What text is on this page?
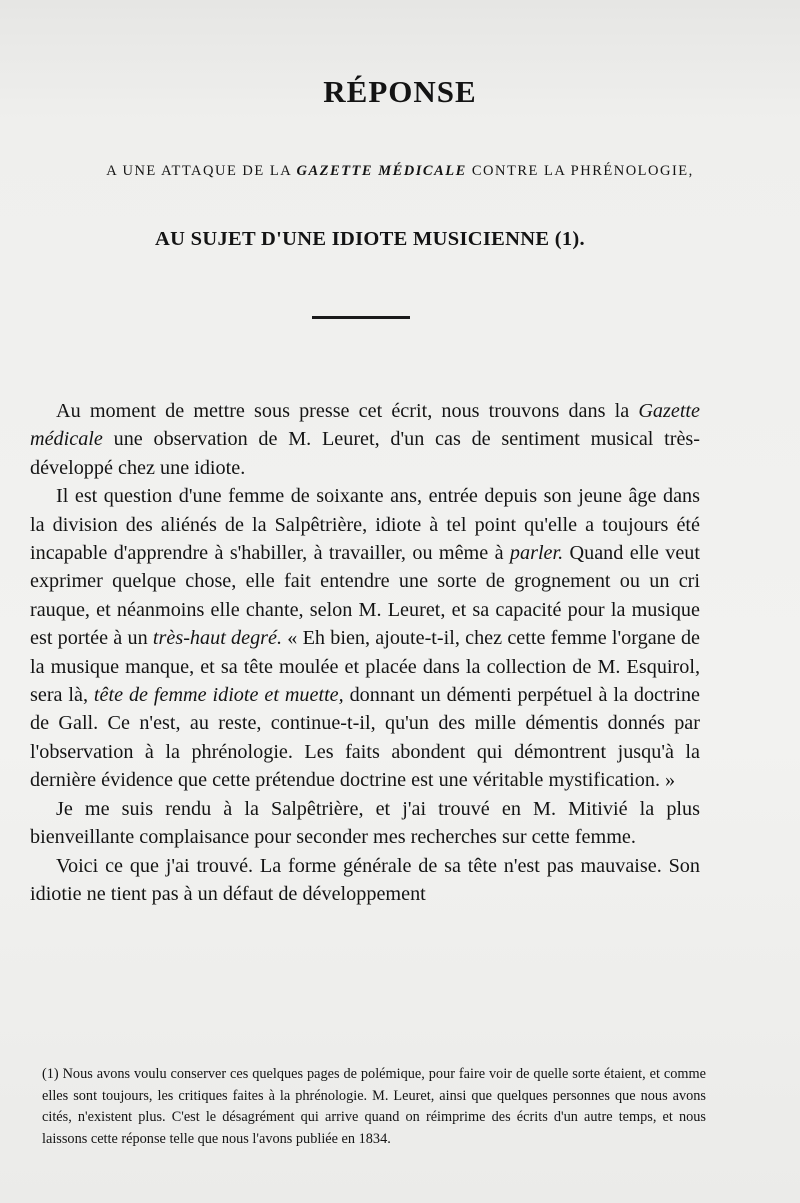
RÉPONSE

A UNE ATTAQUE DE LA GAZETTE MÉDICALE CONTRE LA PHRÉNOLOGIE,

AU SUJET D'UNE IDIOTE MUSICIENNE (1).

Au moment de mettre sous presse cet écrit, nous trouvons dans la Gazette médicale une observation de M. Leuret, d'un cas de sentiment musical très-développé chez une idiote.

Il est question d'une femme de soixante ans, entrée depuis son jeune âge dans la division des aliénés de la Salpêtrière, idiote à tel point qu'elle a toujours été incapable d'apprendre à s'habiller, à travailler, ou même à parler. Quand elle veut exprimer quelque chose, elle fait entendre une sorte de grognement ou un cri rauque, et néanmoins elle chante, selon M. Leuret, et sa capacité pour la musique est portée à un très-haut degré. « Eh bien, ajoute-t-il, chez cette femme l'organe de la musique manque, et sa tête moulée et placée dans la collection de M. Esquirol, sera là, tête de femme idiote et muette, donnant un démenti perpétuel à la doctrine de Gall. Ce n'est, au reste, continue-t-il, qu'un des mille démentis donnés par l'observation à la phrénologie. Les faits abondent qui démontrent jusqu'à la dernière évidence que cette prétendue doctrine est une véritable mystification. »

Je me suis rendu à la Salpêtrière, et j'ai trouvé en M. Mitivié la plus bienveillante complaisance pour seconder mes recherches sur cette femme.

Voici ce que j'ai trouvé. La forme générale de sa tête n'est pas mauvaise. Son idiotie ne tient pas à un défaut de développement

(1) Nous avons voulu conserver ces quelques pages de polémique, pour faire voir de quelle sorte étaient, et comme elles sont toujours, les critiques faites à la phrénologie. M. Leuret, ainsi que quelques personnes que nous avons cités, n'existent plus. C'est le désagrément qui arrive quand on réimprime des écrits d'un autre temps, et nous laissons cette réponse telle que nous l'avons publiée en 1834.
